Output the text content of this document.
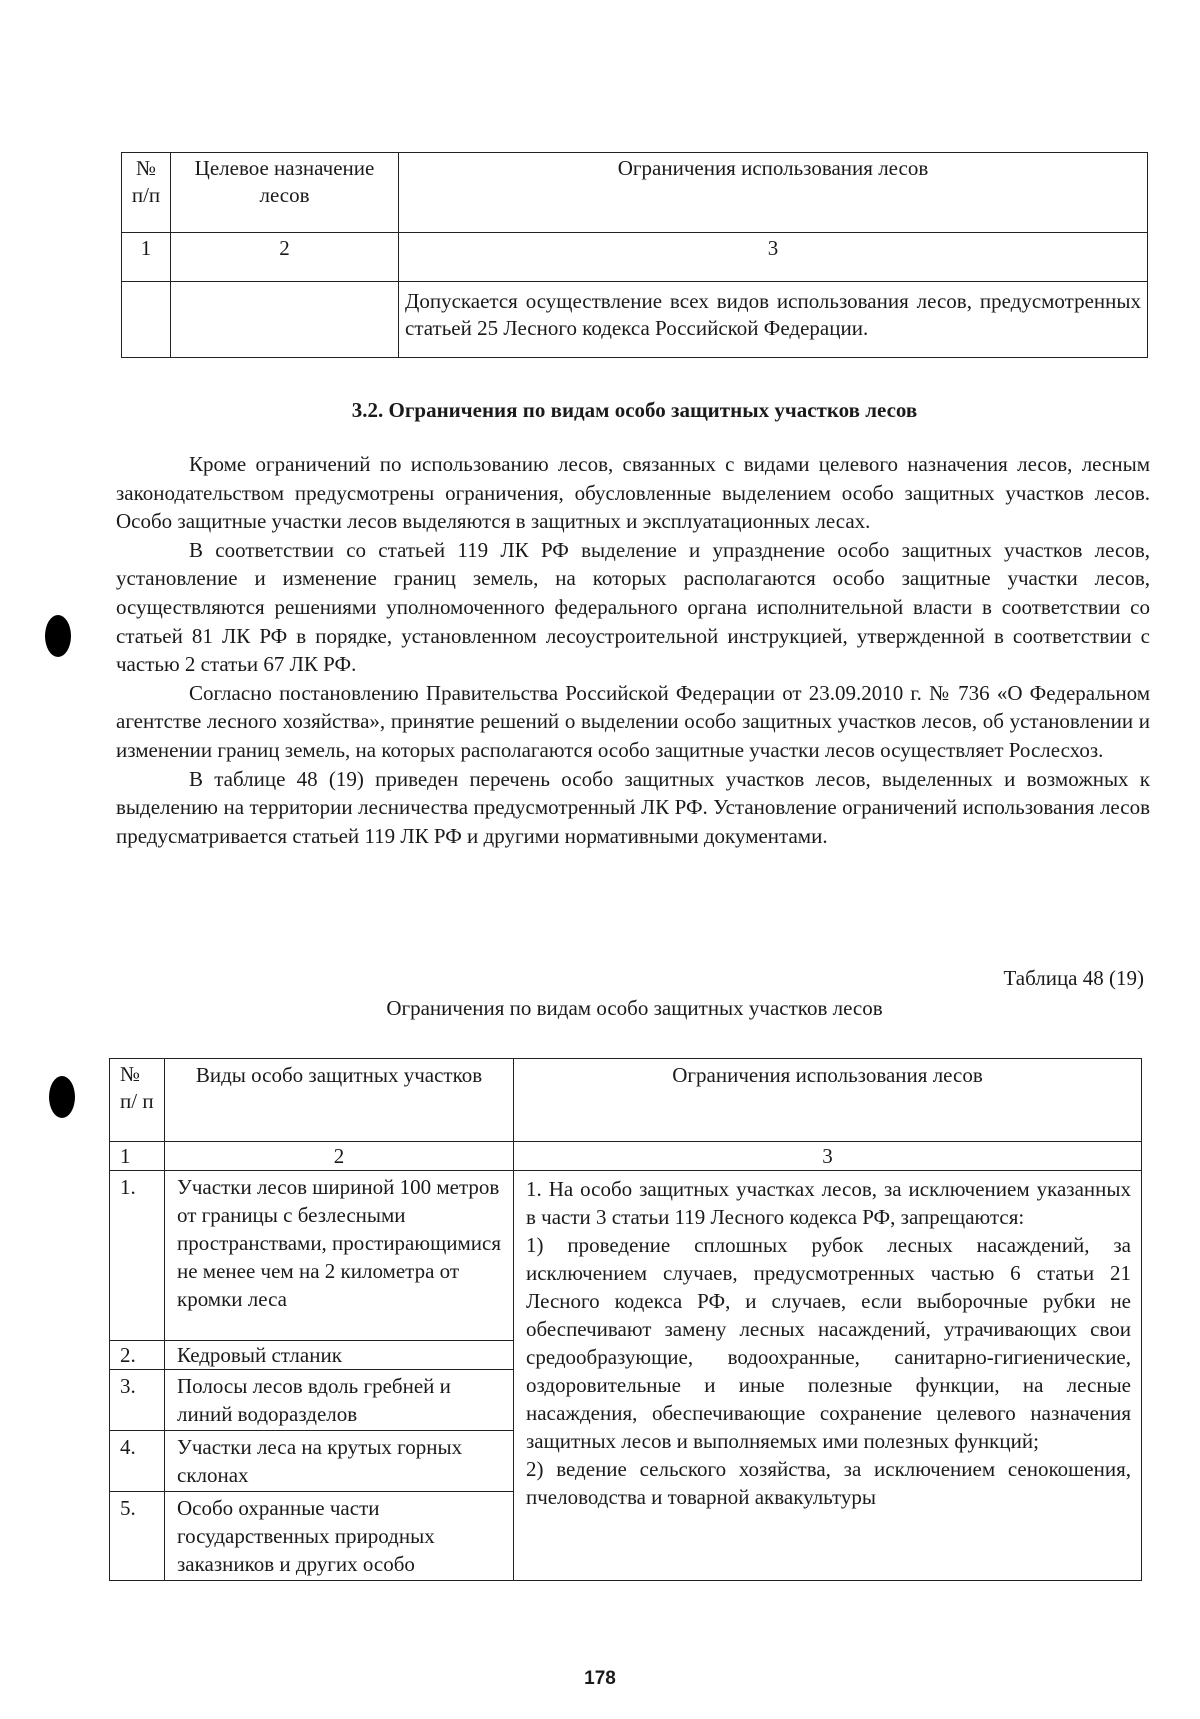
№ п/п	Целевое назначение лесов	Ограничения использования лесов
1	2	3
		Допускается осуществление всех видов использования лесов, предусмотренных статьей 25 Лесного кодекса Российской Федерации.
3.2. Ограничения по видам особо защитных участков лесов

Кроме ограничений по использованию лесов, связанных с видами целевого назначения лесов, лесным законодательством предусмотрены ограничения, обусловленные выделением особо защитных участков лесов. Особо защитные участки лесов выделяются в защитных и эксплуатационных лесах.

В соответствии со статьей 119 ЛК РФ выделение и упразднение особо защитных участков лесов, установление и изменение границ земель, на которых располагаются особо защитные участки лесов, осуществляются решениями уполномоченного федерального органа исполнительной власти в соответствии со статьей 81 ЛК РФ в порядке, установленном лесоустроительной инструкцией, утвержденной в соответствии с частью 2 статьи 67 ЛК РФ.

Согласно постановлению Правительства Российской Федерации от 23.09.2010 г. № 736 «О Федеральном агентстве лесного хозяйства», принятие решений о выделении особо защитных участков лесов, об установлении и изменении границ земель, на которых располагаются особо защитные участки лесов осуществляет Рослесхоз.

В таблице 48 (19) приведен перечень особо защитных участков лесов, выделенных и возможных к выделению на территории лесничества предусмотренный ЛК РФ. Установление ограничений использования лесов предусматривается статьей 119 ЛК РФ и другими нормативными документами.

Таблица 48 (19)
Ограничения по видам особо защитных участков лесов
№ п/ п	Виды особо защитных участков	Ограничения использования лесов
1	2	3
1.	Участки лесов шириной 100 метров от границы с безлесными пространствами, простирающимися не менее чем на 2 километра от кромки леса	1. На особо защитных участках лесов, за исключением указанных в части 3 статьи 119 Лесного кодекса РФ, запрещаются:

1) проведение сплошных рубок лесных насаждений, за исключением случаев, предусмотренных частью 6 статьи 21 Лесного кодекса РФ, и случаев, если выборочные рубки не обеспечивают замену лесных насаждений, утрачивающих свои средообразующие, водоохранные, санитарно-гигиенические, оздоровительные и иные полезные функции, на лесные насаждения, обеспечивающие сохранение целевого назначения защитных лесов и выполняемых ими полезных функций;

2) ведение сельского хозяйства, за исключением сенокошения, пчеловодства и товарной аквакультуры

2.	Кедровый стланик	
3.	Полосы лесов вдоль гребней и линий водоразделов	
4.	Участки леса на крутых горных склонах	
5.	Особо охранные части государственных природных заказников и других особо	
178
